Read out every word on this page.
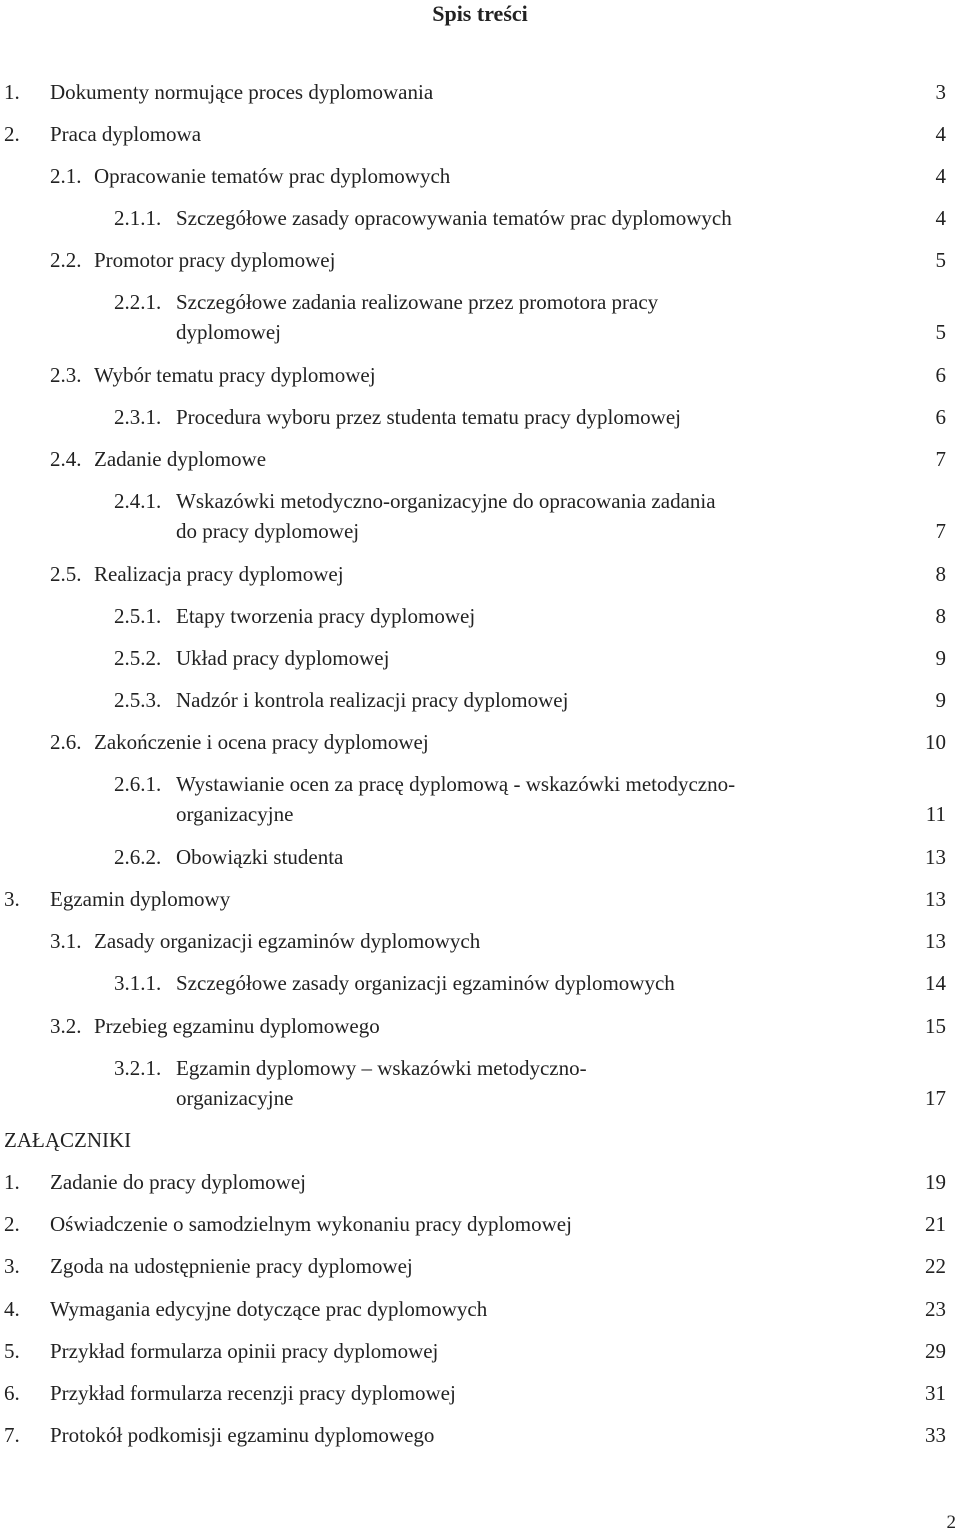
Spis treści
1. Dokumenty normujące proces dyplomowania	3
2. Praca dyplomowa	4
2.1. Opracowanie tematów prac dyplomowych	4
2.1.1. Szczegółowe zasady opracowywania tematów prac dyplomowych	4
2.2. Promotor pracy dyplomowej	5
2.2.1. Szczegółowe zadania realizowane przez promotora pracy
dyplomowej	5
2.3. Wybór tematu pracy dyplomowej	6
2.3.1. Procedura wyboru przez studenta tematu pracy dyplomowej	6
2.4. Zadanie dyplomowe	7
2.4.1. Wskazówki metodyczno-organizacyjne do opracowania zadania
do pracy dyplomowej	7
2.5. Realizacja pracy dyplomowej	8
2.5.1. Etapy tworzenia pracy dyplomowej	8
2.5.2. Układ pracy dyplomowej	9
2.5.3. Nadzór i kontrola realizacji pracy dyplomowej	9
2.6. Zakończenie i ocena pracy dyplomowej	10
2.6.1. Wystawianie ocen za pracę dyplomową - wskazówki metodyczno-
organizacyjne	11
2.6.2. Obowiązki studenta	13
3. Egzamin dyplomowy	13
3.1. Zasady organizacji egzaminów dyplomowych	13
3.1.1. Szczegółowe zasady organizacji egzaminów dyplomowych	14
3.2. Przebieg egzaminu dyplomowego	15
3.2.1. Egzamin dyplomowy – wskazówki metodyczno-
organizacyjne	17
ZAŁĄCZNIKI
1. Zadanie do pracy dyplomowej	19
2. Oświadczenie o samodzielnym wykonaniu pracy dyplomowej	21
3. Zgoda na udostępnienie pracy dyplomowej	22
4. Wymagania edycyjne dotyczące prac dyplomowych	23
5. Przykład formularza opinii pracy dyplomowej	29
6. Przykład formularza recenzji pracy dyplomowej	31
7. Protokół podkomisji egzaminu dyplomowego	33
2
